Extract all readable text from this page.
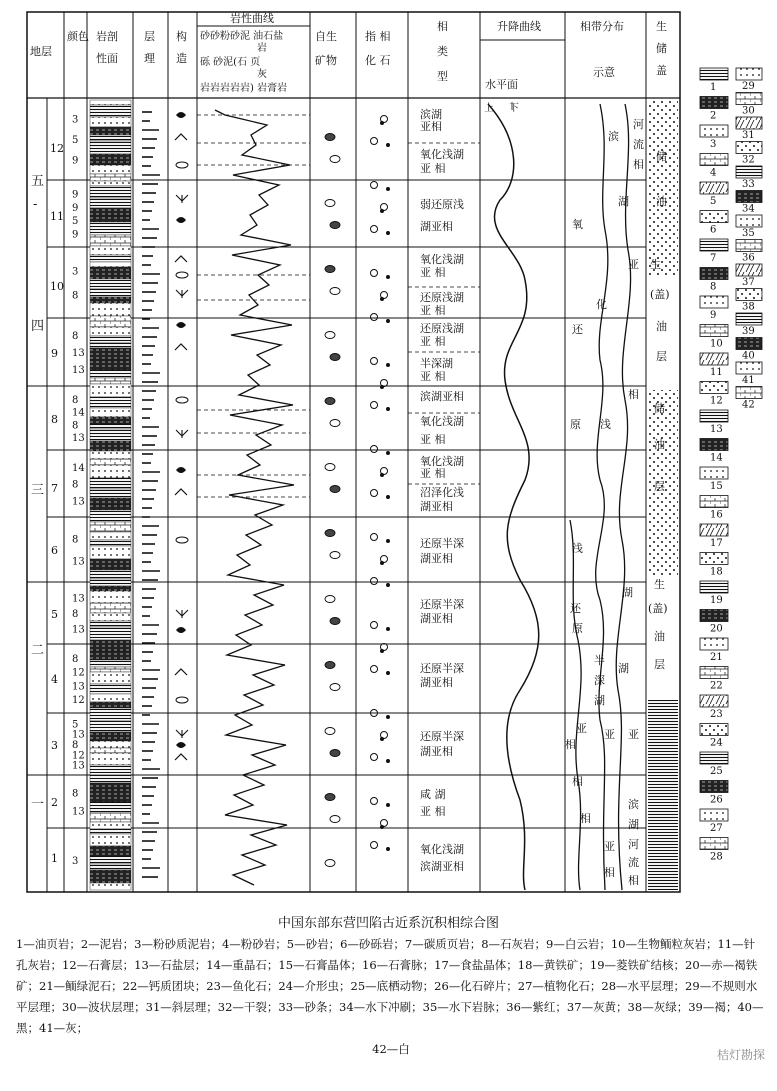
地层
颜色 岩剖
性面
层
理
构
造
岩性曲线
砂砂粉砂泥 油石盐
岩
砾 砂泥(石 页
灰
岩岩岩岩岩) 岩膏岩
自生
矿物
指 相
化 石
相
类
型
升降曲线
水平面
上 下
相带分布
示意
生
储
盖
五
-
四
三
二
一
12
11
10
9
8
7
6
5
4
3
2
1
3
5
9
9
9
5
9
3
8
8
13
13
8
14
8
13
14
8
13
8
13
13
8
13
8
12
13
12
5
13
8
12
13
8
13
3
滨湖
亚相
氧化浅湖
亚 相
弱还原浅
湖亚相
氧化浅湖
亚 相
还原浅湖
亚 相
还原浅湖
亚 相
半深湖
亚 相
滨湖亚相
氧化浅湖
亚 相
氧化浅湖
亚 相
沼泽化浅
湖亚相
还原半深
湖亚相
还原半深
湖亚相
还原半深
湖亚相
还原半深
湖亚相
咸 湖
亚 相
氧化浅湖
滨湖亚相
河
流
相
滨
湖
氧
亚
化
还
相
原 浅
浅
湖
还
原
半
深
湖
湖
亚 亚 亚
相
相
相
滨
湖
亚
相
河
流
相
储
油
生
(盖)
油
层
储
油
层
生
(盖)
油
层
1
2
3
4
5
6
7
8
9
10
11
12
13
14
15
16
17
18
19
20
21
22
23
24
25
26
27
28
29
30
31
32
33
34
35
36
37
38
39
40
41
42
中国东部东营凹陷古近系沉积相综合图
1—油页岩；2—泥岩；3—粉砂质泥岩；4—粉砂岩；5—砂岩；6—砂砾岩；7—碳质页岩；8—石灰岩；9—白云岩；10—生物鲕粒灰岩；11—针孔灰岩；12—石膏层；13—石盐层；14—重晶石；15—石膏晶体；16—石膏脉；17—食盐晶体；18—黄铁矿；19—菱铁矿结核；20—赤—褐铁矿；21—鲕绿泥石；22—钙质团块；23—鱼化石；24—介形虫；25—底栖动物；26—化石碎片；27—植物化石；28—水平层理；29—不规则水平层理；30—波状层理；31—斜层理；32—干裂；33—砂条；34—水下冲刷；35—水下岩脉；36—紫红；37—灰黄；38—灰绿；39—褐；40—黑；41—灰；
42—白	桔灯勘探
